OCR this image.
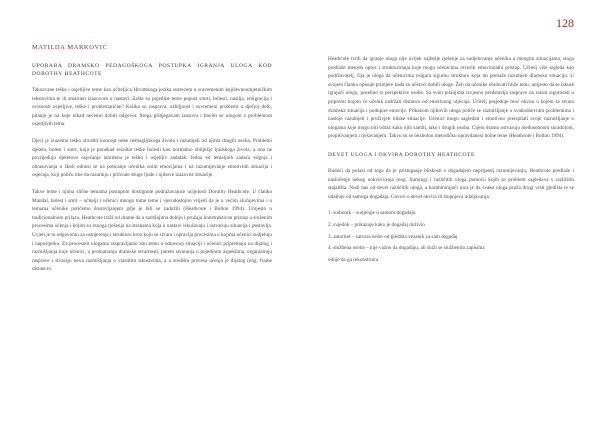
128
MATILDA MARKOVIĆ
UPORABA DRAMSKO PEDAGOŠKOGA POSTUPKA IGRANJA ULOGA KOD DOROTHY HEATHCOTE

Takozvane teške i osjetljive teme kao učiteljica Hrvatskoga jezika susrećem u suvremenim književnoumjetničkim tekstovima te ih smatram izazovom u nastavi. Zašto su pojedine teme popust smrti, bolesti, nasilja, emigracija i ovisnosti osjetljive, teške i problematične? Kolika su rasprava, ozbiljnost i suvremeni problemi u dječjoj dobi, pitanje je na koje nikad nećemo dobiti odgovor. Stoga pribjegavam izazovu i bavim se ulogom s problemom osjetljivih tema.

Djeci je izuzetno teško shvatiti koncept neke nemaglijskoga života i razumjeti od njima drugih osoba. Problemi djeteta, bolest i smrt, koja je ponekad rezultat teške bolesti kao normalno obilježje ljudskoga života, a ona ne povrijeđuju djetetovo osjećanje izmirenu je teško i osjetljiv zadatak. Jedna od temeljnih zadaća odgoja i obrazovanja u školi odnosi se na poticanje učenika onim emocijama i na razumijevanje emotivnih situacija i osjećaja, koji potiču ime da razumiju i prihvate druge ljude i njihove izazovne situacije.

Takve teme i njima slične temama postupom dostignute podražavajuće ucijelosti Dorothy Heathcote. U članku Mandal, bolest i smrt – učitelji i učenici mnogo tome teme i vjerodostojno vrijedi da je u većim slučajevima i u temama učenike potičemo dostavljanjem gdje je bili se zadužili (Heathcote i Bolton 1994). Umjesto u tradicionalnom prilazu, Heathcote traži od drame da u sadržajima dobiju i pružaju konstruktivan pristup u složenim procesima učenja i kojim su mnoga rješenja na stranama koja u nastavi iskušavaju i ostvaruju situacija i postavlja. Uvjeti je tu odgovoran za usmjerenje i strukturu kroz koju se stvara i upravlja procesima u kojima učenici sudjeluju i naposljetku. Za procesom ulogama raspravljamo istu temu u odnosnoj situaciji i učenici pripremaju na dijalog i razmišljanja koje učenici, u promatranju dramske stvarnosti, putem stvaranja u pojedinim aspektima, organiziraju rasprave i stvaraju nova razmišljanja o vlastitim iskustvima, a u središtu procesa učenja je dijalog (eng. frame distance).

Heathcote tvrdi da igranje uloga nije uvijek najbolje rješenje za sudjelovanje učenika u mnogim situacijama, stoga predlaže metodu oprez i strukturiranja koje mogu učenicima otvoriti emocionalni pristup. Učitelj više izgleda kao podržavatelj, čija je uloga da učenicima osigura sigurnu strukturu koja im pomaže razumjeti dramsku situaciju. U svojem članku opisuje primjere kada su učenici dobili uloge. Želi da učenike obuhvati bliže temi, umjesto da se iskuse igrajući ulogu, posebno iz perspektive osobe. Sa svim pitanjima izvjesno predstavlja rasprave na razini sigurnosti u pripremi kojom će učenik zadržati distancu od emotivnog utjecaja. Učitelj posjeduje moć okvira u kojem se stvara dramska situacija i podupire emocije. Prikazom njihovih uloga potiče se razmišljanje o svakodnevnim problemima i nastoje razumjeti i proživjeti bliske situacije. Učenici mogu sagledati i emotivno preispitati svoje razmišljanje o ulogama koje mogu biti odraz kako njih samih, tako i drugih osoba. Cijelu dramu ostvaruju međusobnom suradnjom, propitivanjem i rješavanjem. Takvu su se bezbolnu metodičku opravdanost bolne teme (Heathcote i Bolton 1994).

DEVET ULOGA I OKVIRA DOROTHY HEATHCOTE

Budući da polazi od toga da je pristupanje bliskosti s dogadajem neprijatelj razumijevanju, Heathcote predlaže i naslućenje nekog uokvirivanja (eng. framing) i različitih uloga pomoću kojih se problem sagledava s različitih stajališta. Nudi nas od devet različitih uloga, a kombinirajući niza je da svaka uloga pruža drugi vrsti gledišta te se udaljuje od samoga događaja. Govori o devet okvira ili stupnjeva udaljavanja:

1. sudionik – sudjeluje u samom događaju
2. svjedok – prikazuje kako je događaj doživio
3. autoritet – zatvara nešto od gledišta vezanih za sam događaj
4. službena osoba – nije važno da događaju, ali služi se službenim zapisima
odnje da ga rekonstruira
